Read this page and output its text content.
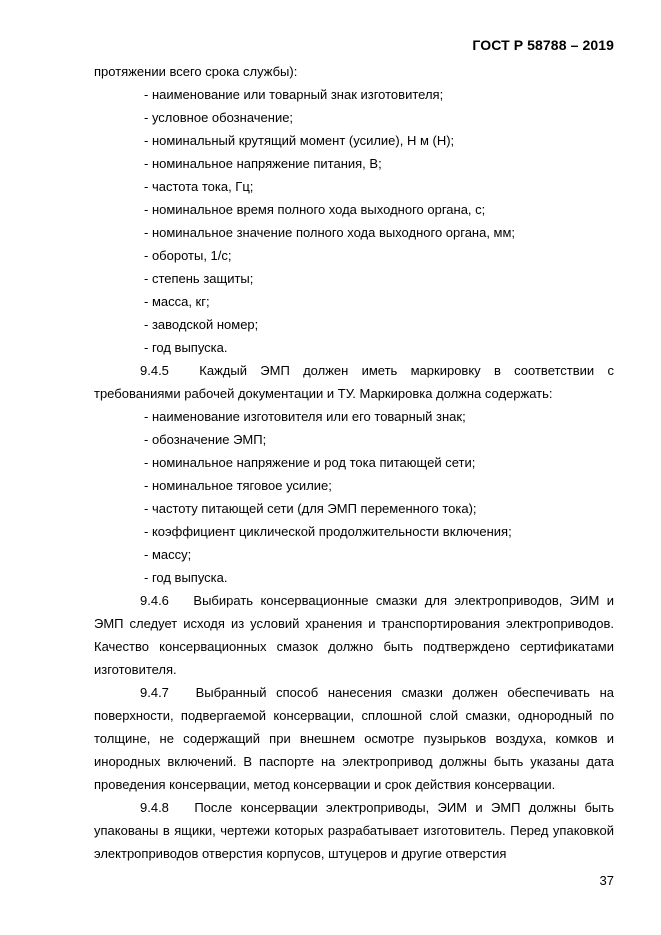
ГОСТ Р 58788 – 2019
протяжении всего срока службы):
- наименование или товарный знак изготовителя;
- условное обозначение;
- номинальный крутящий момент (усилие), Н м (Н);
- номинальное напряжение питания, В;
- частота тока, Гц;
- номинальное время полного хода выходного органа, с;
- номинальное значение полного хода выходного органа, мм;
- обороты, 1/с;
- степень защиты;
- масса, кг;
- заводской номер;
- год выпуска.
9.4.5 Каждый ЭМП должен иметь маркировку в соответствии с требованиями рабочей документации и ТУ. Маркировка должна содержать:
- наименование изготовителя или его товарный знак;
- обозначение ЭМП;
- номинальное напряжение и род тока питающей сети;
- номинальное тяговое усилие;
- частоту питающей сети (для ЭМП переменного тока);
- коэффициент циклической продолжительности включения;
- массу;
- год выпуска.
9.4.6 Выбирать консервационные смазки для электроприводов, ЭИМ и ЭМП следует исходя из условий хранения и транспортирования электроприводов. Качество консервационных смазок должно быть подтверждено сертификатами изготовителя.
9.4.7 Выбранный способ нанесения смазки должен обеспечивать на поверхности, подвергаемой консервации, сплошной слой смазки, однородный по толщине, не содержащий при внешнем осмотре пузырьков воздуха, комков и инородных включений. В паспорте на электропривод должны быть указаны дата проведения консервации, метод консервации и срок действия консервации.
9.4.8 После консервации электроприводы, ЭИМ и ЭМП должны быть упакованы в ящики, чертежи которых разрабатывает изготовитель. Перед упаковкой электроприводов отверстия корпусов, штуцеров и другие отверстия
37
